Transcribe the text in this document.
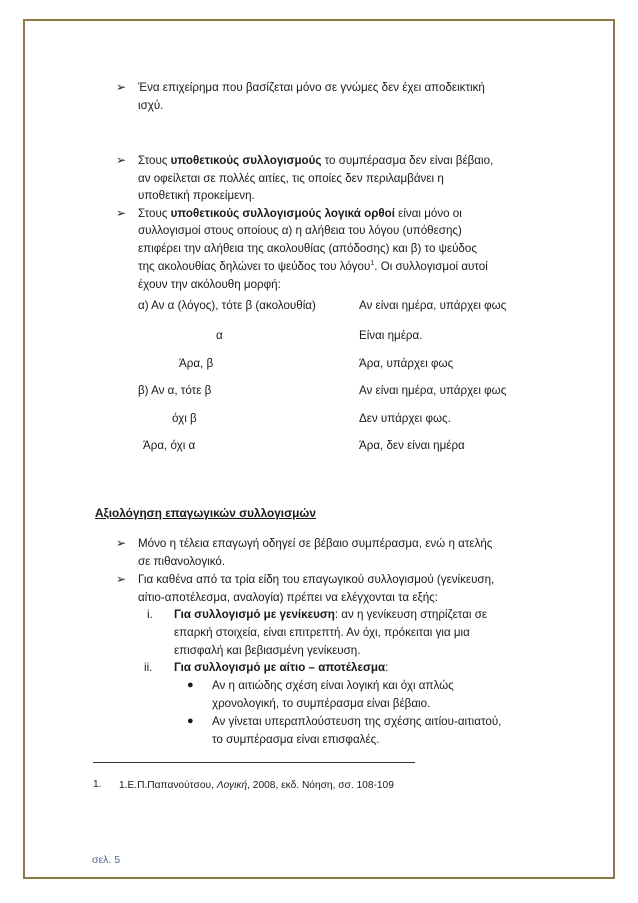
➢ Ένα επιχείρημα που βασίζεται μόνο σε γνώμες δεν έχει αποδεικτική
ισχύ.
➢ Στους υποθετικούς συλλογισμούς το συμπέρασμα δεν είναι βέβαιο,
αν οφείλεται σε πολλές αιτίες, τις οποίες δεν περιλαμβάνει η
υποθετική προκείμενη.
➢ Στους υποθετικούς συλλογισμούς λογικά ορθοί είναι μόνο οι
συλλογισμοί στους οποίους α) η αλήθεια του λόγου (υπόθεσης)
επιφέρει την αλήθεια της ακολουθίας (απόδοσης) και β) το ψεύδος
της ακολουθίας δηλώνει το ψεύδος του λόγου$^1$. Οι συλλογισμοί αυτοί
έχουν την ακόλουθη μορφή:
α) Αν α (λόγος), τότε β (ακολουθία)	Αν είναι ημέρα, υπάρχει φως
α	Είναι ημέρα.
Άρα, β	Άρα, υπάρχει φως
β) Αν α, τότε β	Αν είναι ημέρα, υπάρχει φως
όχι β	Δεν υπάρχει φως.
Άρα, όχι α	Άρα, δεν είναι ημέρα
Αξιολόγηση επαγωγικών συλλογισμών
➢ Μόνο η τέλεια επαγωγή οδηγεί σε βέβαιο συμπέρασμα, ενώ η ατελής
σε πιθανολογικό.
➢ Για καθένα από τα τρία είδη του επαγωγικού συλλογισμού (γενίκευση,
αίτιο-αποτέλεσμα, αναλογία) πρέπει να ελέγχονται τα εξής:
i. Για συλλογισμό με γενίκευση: αν η γενίκευση στηρίζεται σε
επαρκή στοιχεία, είναι επιτρεπτή. Αν όχι, πρόκειται για μια
επισφαλή και βεβιασμένη γενίκευση.
ii. Για συλλογισμό με αίτιο – αποτέλεσμα:
● Αν η αιτιώδης σχέση είναι λογική και όχι απλώς
χρονολογική, το συμπέρασμα είναι βέβαιο.
● Αν γίνεται υπεραπλούστευση της σχέσης αιτίου-αιτιατού,
το συμπέρασμα είναι επισφαλές.
1. 1.Ε.Π.Παπανούτσου, Λογική, 2008, εκδ. Νόηση, σσ. 108-109
σελ. 5
